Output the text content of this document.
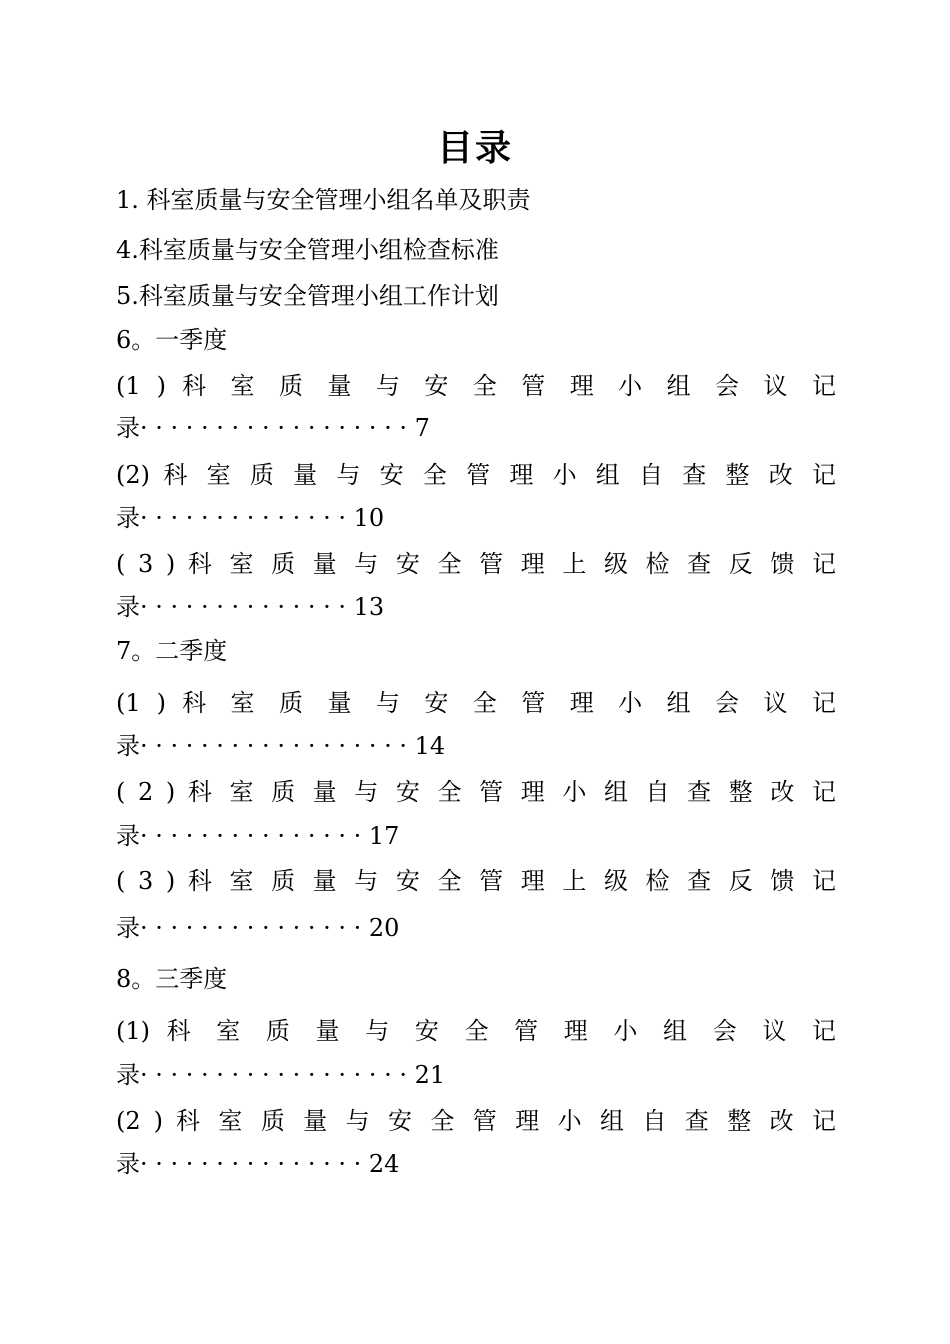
目录
1. 科室质量与安全管理小组名单及职责
4.科室质量与安全管理小组检查标准
5.科室质量与安全管理小组工作计划
6。一季度
(1 ) 科 室 质 量 与 安 全 管 理 小 组 会 议 记
录· · · · · · · · · · · · · · · · · · 7
(2) 科 室 质 量 与 安 全 管 理 小 组 自 查 整 改 记
录· · · · · · · · · · · · · · 10
( 3 ) 科 室 质 量 与 安 全 管 理 上 级 检 查 反 馈 记
录· · · · · · · · · · · · · · 13
7。二季度
(1 ) 科 室 质 量 与 安 全 管 理 小 组 会 议 记
录· · · · · · · · · · · · · · · · · · 14
( 2 ) 科 室 质 量 与 安 全 管 理 小 组 自 查 整 改 记
录· · · · · · · · · · · · · · · 17
( 3 ) 科 室 质 量 与 安 全 管 理 上 级 检 查 反 馈 记
录· · · · · · · · · · · · · · · 20
8。三季度
(1) 科 室 质 量 与 安 全 管 理 小 组 会 议 记
录· · · · · · · · · · · · · · · · · · 21
(2 ) 科 室 质 量 与 安 全 管 理 小 组 自 查 整 改 记
录· · · · · · · · · · · · · · · 24
